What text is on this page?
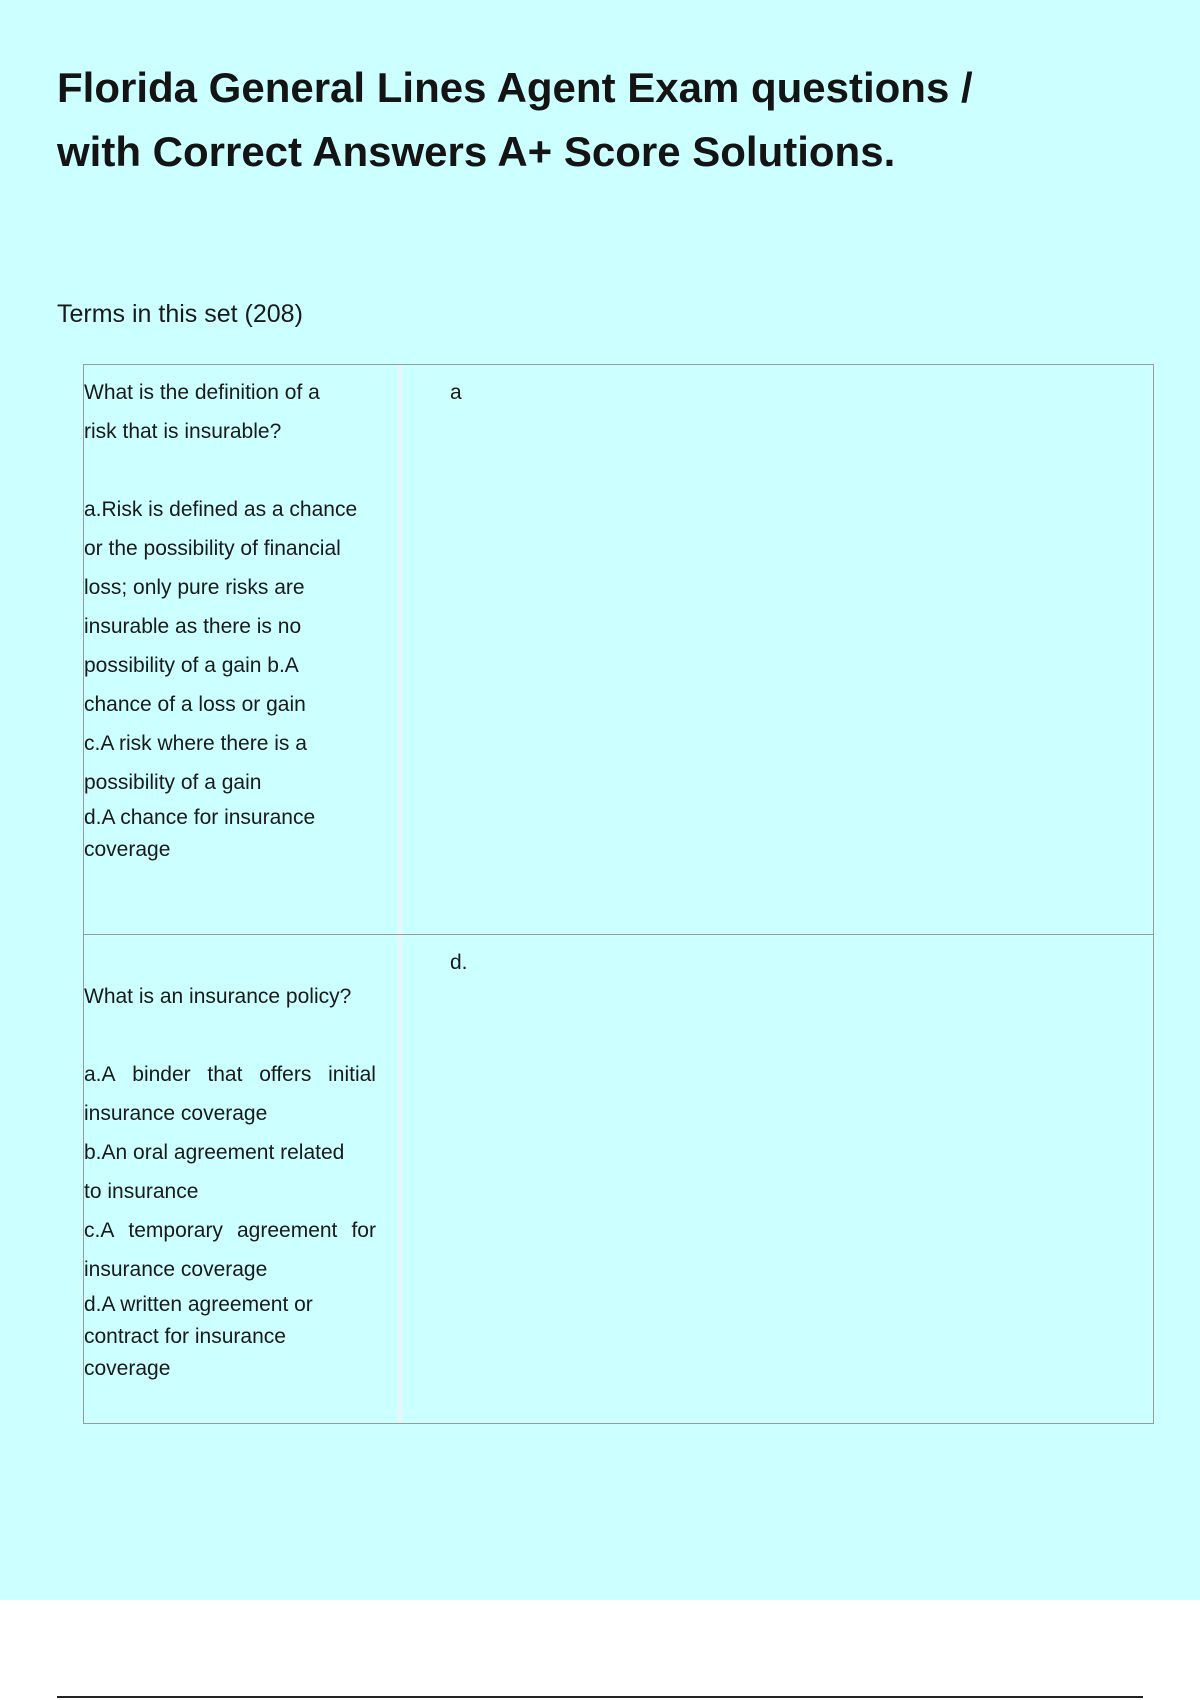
Florida General Lines Agent Exam questions /
with Correct Answers A+ Score Solutions.

Terms in this set (208)

What is the definition of a
risk that is insurable?
a.Risk is defined as a chance
or the possibility of financial
loss; only pure risks are
insurable as there is no
possibility of a gain b.A
chance of a loss or gain
c.A risk where there is a
possibility of a gain
d.A chance for insurance
coverage
a
What is an insurance policy?
a.A binder that offers initial
insurance coverage
b.An oral agreement related
to insurance
c.A temporary agreement for
insurance coverage
d.A written agreement or
contract for insurance
coverage
d.
